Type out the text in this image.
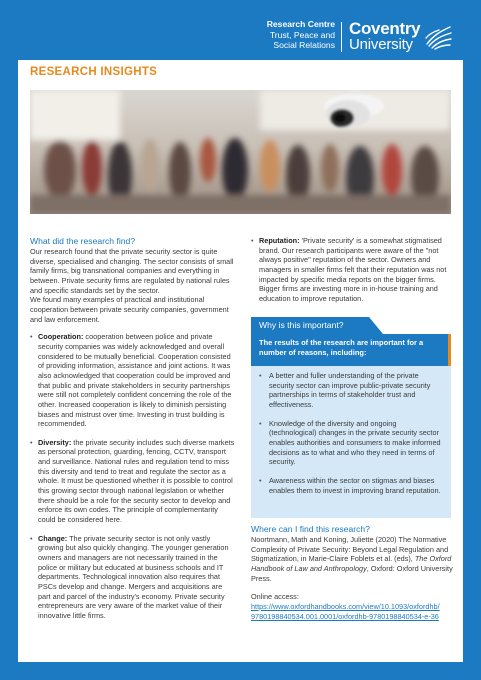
Research Centre
Trust, Peace and
Social Relations
Coventry
University
RESEARCH INSIGHTS
What did the research find?

Our research found that the private security sector is quite diverse, specialised and changing. The sector consists of small family firms, big transnational companies and everything in between. Private security firms are regulated by national rules and specific standards set by the sector.

We found many examples of practical and institutional cooperation between private security companies, government and law enforcement.

• Cooperation: cooperation between police and private security companies was widely acknowledged and overall considered to be mutually beneficial. Cooperation consisted of providing information, assistance and joint actions. It was also acknowledged that cooperation could be improved and that public and private stakeholders in security partnerships were still not completely confident concerning the role of the other. Increased cooperation is likely to diminish persisting biases and mistrust over time. Investing in trust building is recommended.
• Diversity: the private security includes such diverse markets as personal protection, guarding, fencing, CCTV, transport and surveillance. National rules and regulation tend to miss this diversity and tend to treat and regulate the sector as a whole. It must be questioned whether it is possible to control this growing sector through national legislation or whether there should be a role for the security sector to develop and enforce its own codes. The principle of complementarity could be considered here.
• Change: The private security sector is not only vastly growing but also quickly changing. The younger generation owners and managers are not necessarily trained in the police or military but educated at business schools and IT departments. Technological innovation also requires that PSCs develop and change. Mergers and acquisitions are part and parcel of the industry's economy. Private security entrepreneurs are very aware of the market value of their innovative little firms.
• Reputation: 'Private security' is a somewhat stigmatised brand. Our research participants were aware of the "not always positive" reputation of the sector. Owners and managers in smaller firms felt that their reputation was not impacted by specific media reports on the bigger firms. Bigger firms are investing more in in-house training and education to improve reputation.
Why is this important?
The results of the research are important for a number of reasons, including:
• A better and fuller understanding of the private security sector can improve public-private security partnerships in terms of stakeholder trust and effectiveness.
• Knowledge of the diversity and ongoing (technological) changes in the private security sector enables authorities and consumers to make informed decisions as to what and who they need in terms of security.
• Awareness within the sector on stigmas and biases enables them to invest in improving brand reputation.
Where can I find this research?

Noortmann, Math and Koning, Juliette (2020) The Normative Complexity of Private Security: Beyond Legal Regulation and Stigmatization, in Marie-Claire Foblets et al. (eds), The Oxford Handbook of Law and Anthropology, Oxford: Oxford University Press.

Online access:

https://www.oxfordhandbooks.com/view/10.1093/oxfordhb/9780198840534.001.0001/oxfordhb-9780198840534-e-36
